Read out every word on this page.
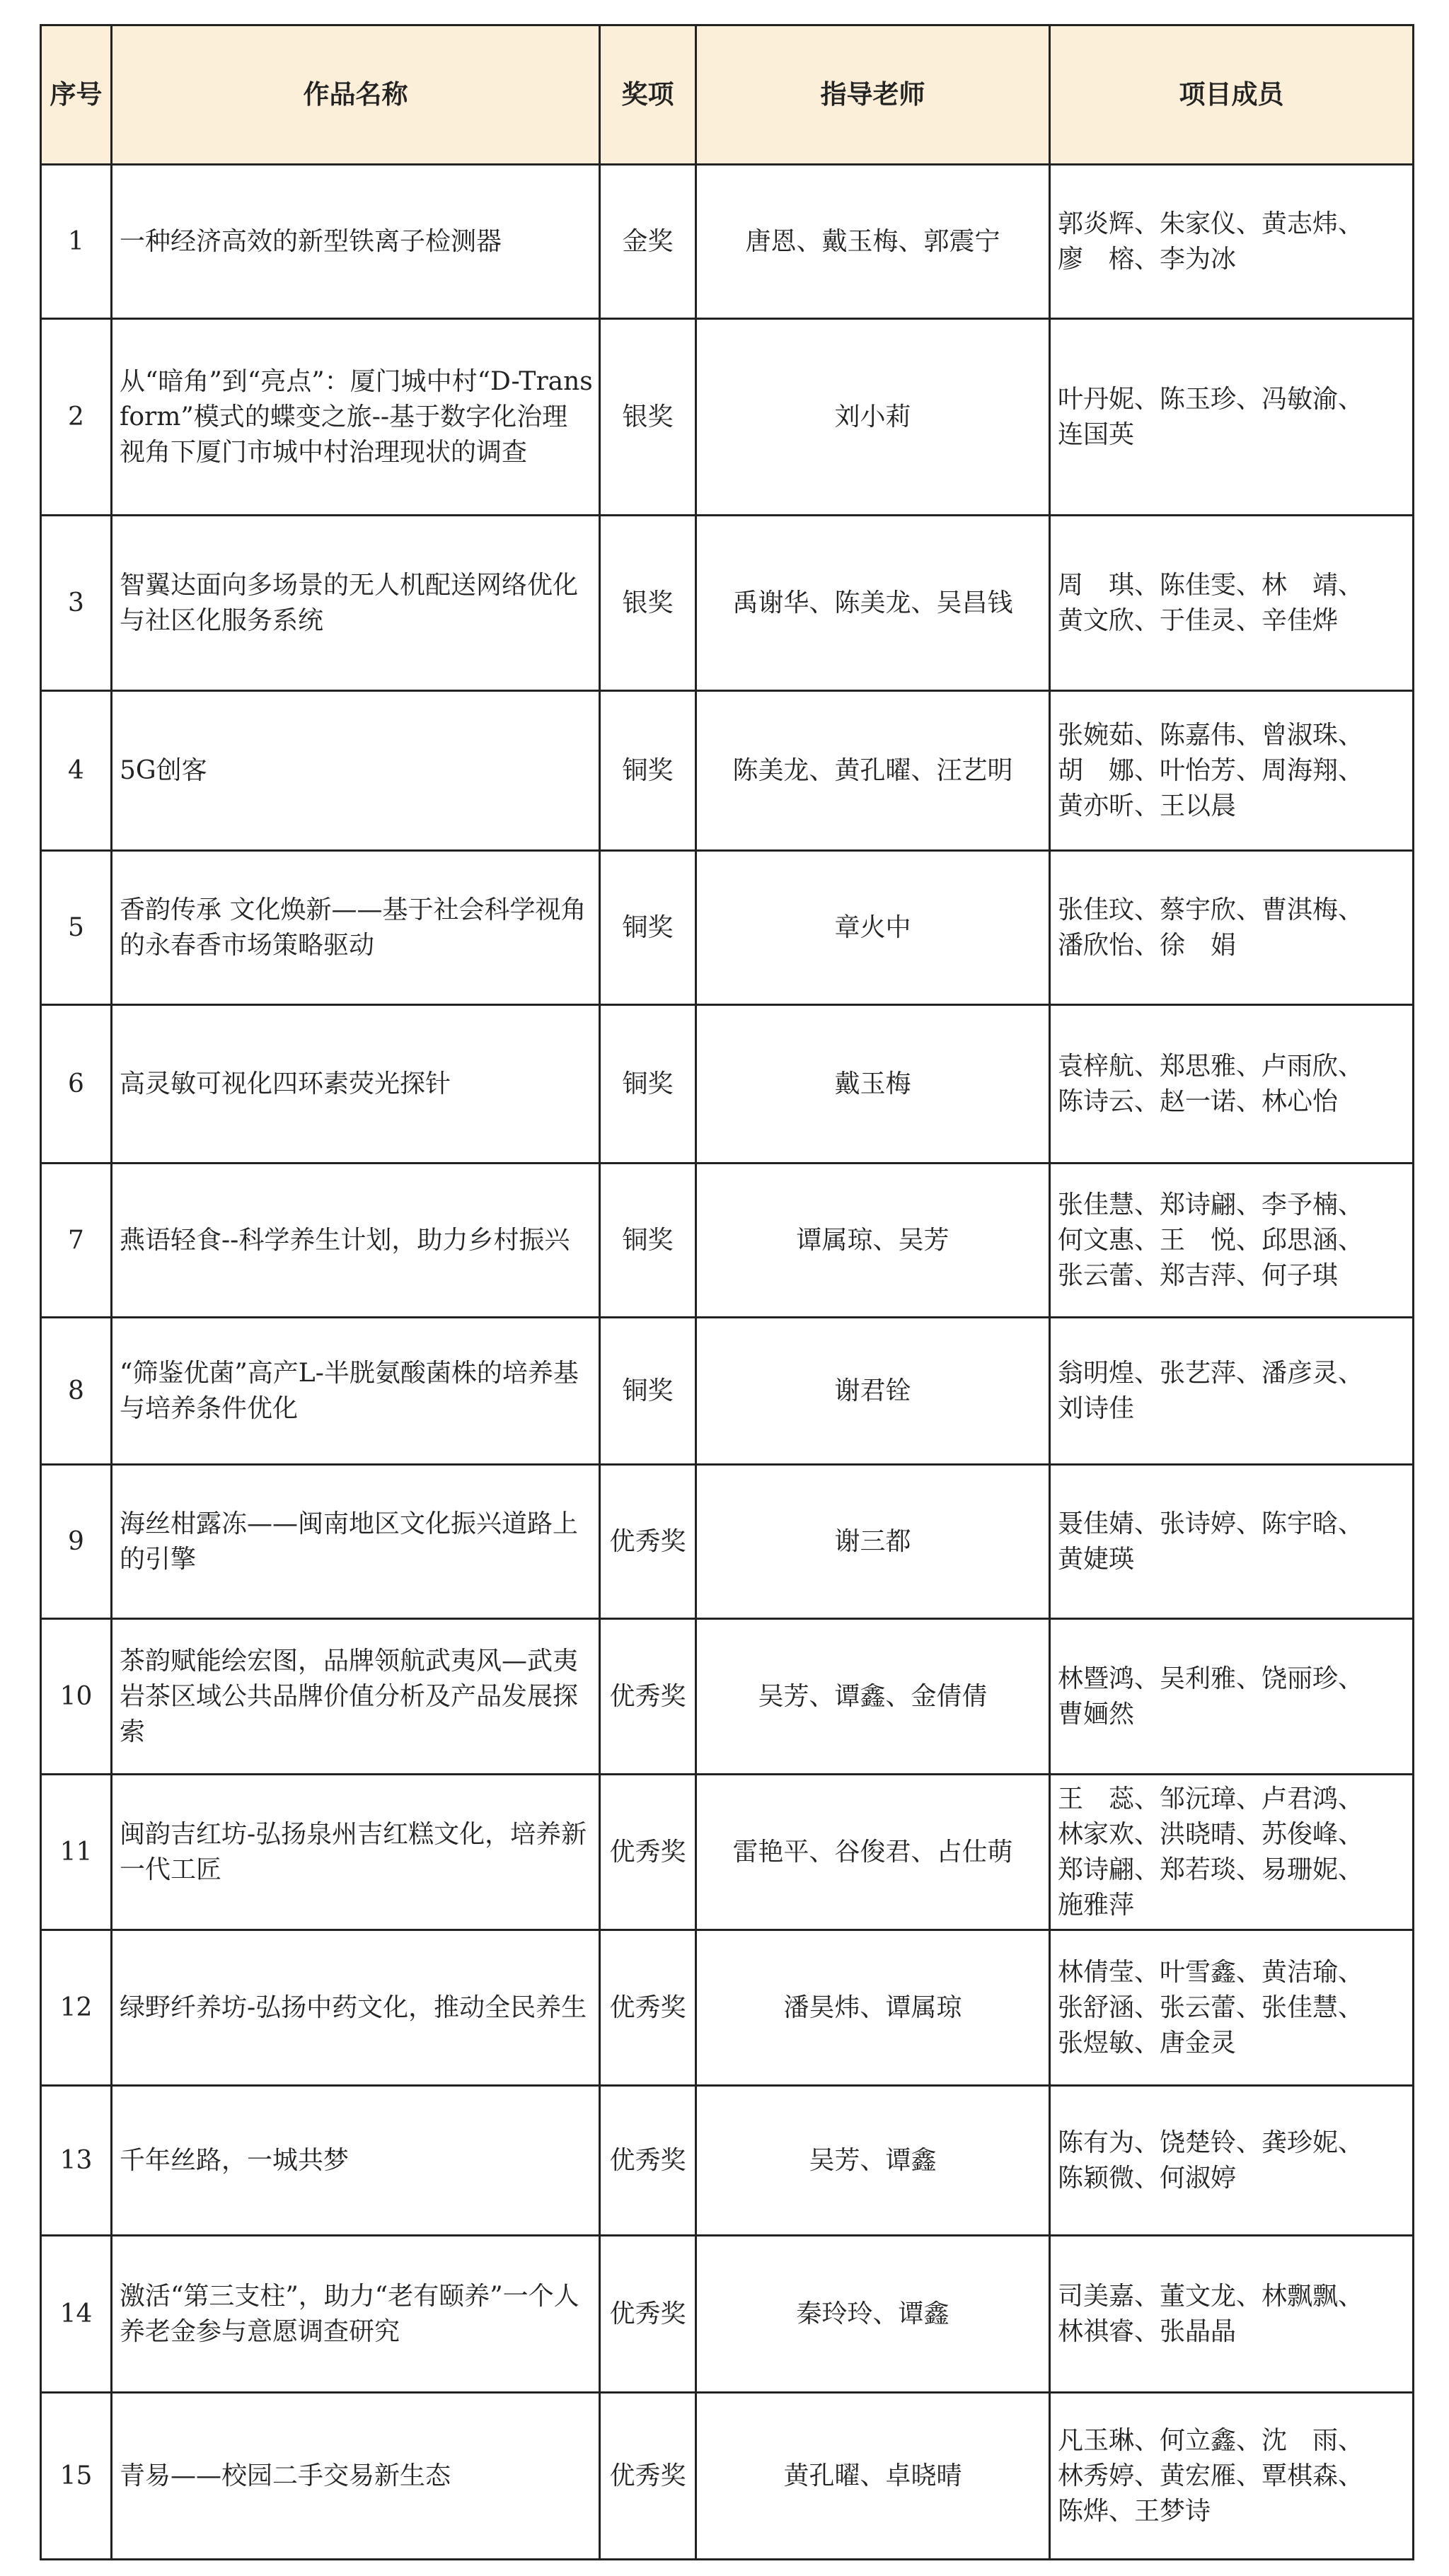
序号	作品名称	奖项	指导老师	项目成员
1	一种经济高效的新型铁离子检测器	金奖	唐恩、戴玉梅、郭震宁	郭炎辉、朱家仪、黄志炜、
廖　榕、李为冰

2	从“暗角”到“亮点”：厦门城中村“D-Transform”模式的蝶变之旅--基于数字化治理视角下厦门市城中村治理现状的调查	银奖	刘小莉	叶丹妮、陈玉珍、冯敏渝、
连国英

3	智翼达面向多场景的无人机配送网络优化与社区化服务系统	银奖	禹谢华、陈美龙、吴昌钱	周　琪、陈佳雯、林　靖、
黄文欣、于佳灵、辛佳烨

4	5G创客	铜奖	陈美龙、黄孔曜、汪艺明	张婉茹、陈嘉伟、曾淑珠、
胡　娜、叶怡芳、周海翔、
黄亦昕、王以晨

5	香韵传承 文化焕新——基于社会科学视角的永春香市场策略驱动	铜奖	章火中	张佳玟、蔡宇欣、曹淇梅、
潘欣怡、徐　娟

6	高灵敏可视化四环素荧光探针	铜奖	戴玉梅	袁梓航、郑思雅、卢雨欣、
陈诗云、赵一诺、林心怡

7	燕语轻食--科学养生计划，助力乡村振兴	铜奖	谭属琼、吴芳	张佳慧、郑诗翩、李予楠、
何文惠、王　悦、邱思涵、
张云蕾、郑吉萍、何子琪

8	“筛鉴优菌”高产L-半胱氨酸菌株的培养基与培养条件优化	铜奖	谢君铨	翁明煌、张艺萍、潘彦灵、
刘诗佳

9	海丝柑露冻——闽南地区文化振兴道路上的引擎	优秀奖	谢三都	聂佳婧、张诗婷、陈宇晗、
黄婕瑛

10	茶韵赋能绘宏图，品牌领航武夷风—武夷岩茶区域公共品牌价值分析及产品发展探索	优秀奖	吴芳、谭鑫、金倩倩	林暨鸿、吴利雅、饶丽珍、
曹婳然

11	闽韵吉红坊-弘扬泉州吉红糕文化，培养新一代工匠	优秀奖	雷艳平、谷俊君、占仕萌	王　蕊、邹沅璋、卢君鸿、
林家欢、洪晓晴、苏俊峰、
郑诗翩、郑若琰、易珊妮、
施雅萍

12	绿野纤养坊-弘扬中药文化，推动全民养生	优秀奖	潘昊炜、谭属琼	林倩莹、叶雪鑫、黄洁瑜、
张舒涵、张云蕾、张佳慧、
张煜敏、唐金灵

13	千年丝路，一城共梦	优秀奖	吴芳、谭鑫	陈有为、饶楚铃、龚珍妮、
陈颖微、何淑婷

14	激活“第三支柱”，助力“老有颐养”一个人养老金参与意愿调查研究	优秀奖	秦玲玲、谭鑫	司美嘉、董文龙、林飘飘、
林祺睿、张晶晶

15	青易——校园二手交易新生态	优秀奖	黄孔曜、卓晓晴	凡玉琳、何立鑫、沈　雨、
林秀婷、黄宏雁、覃棋森、
陈烨、王梦诗
